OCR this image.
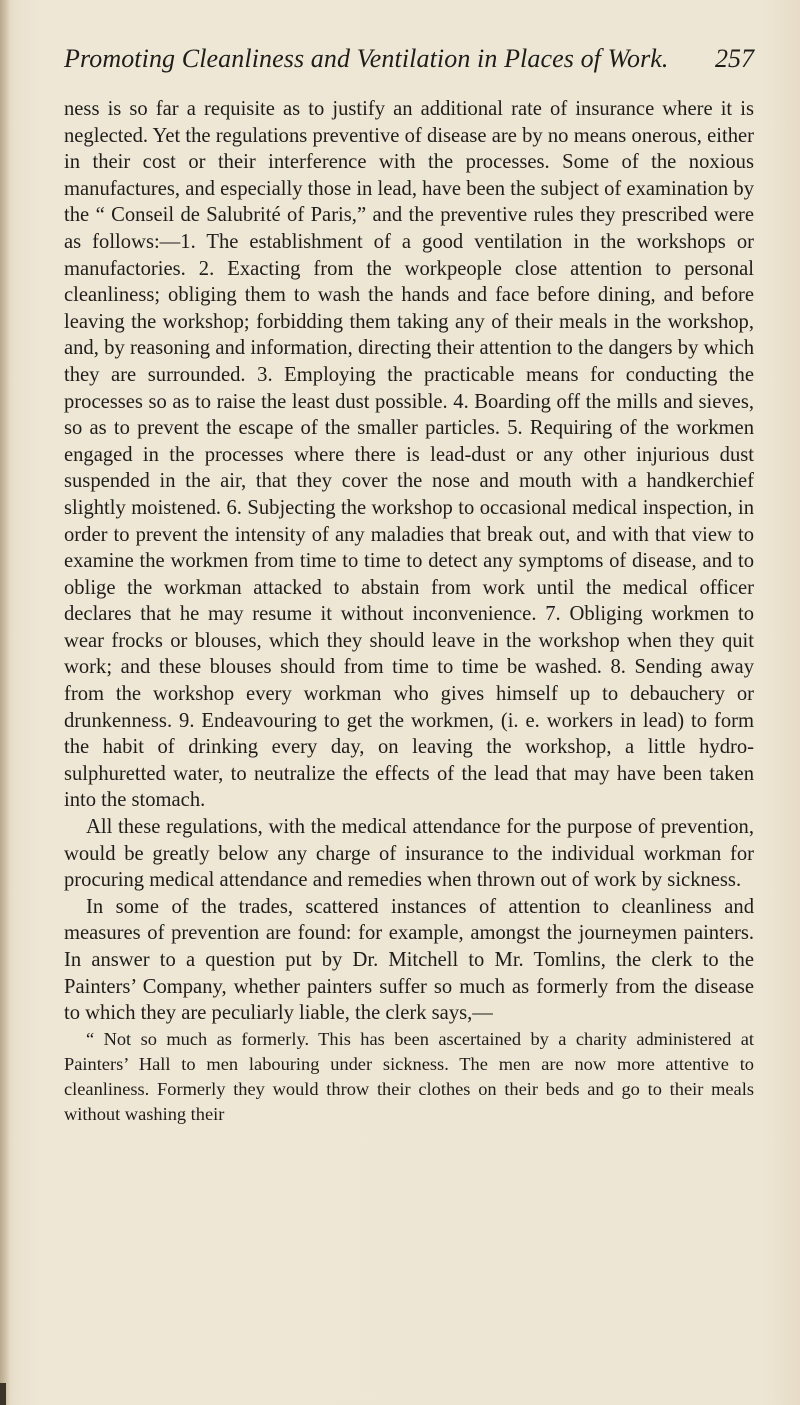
Promoting Cleanliness and Ventilation in Places of Work. 257

ness is so far a requisite as to justify an additional rate of insurance where it is neglected. Yet the regulations preventive of disease are by no means onerous, either in their cost or their interference with the processes. Some of the noxious manufactures, and especially those in lead, have been the subject of examination by the “ Conseil de Salubrité of Paris,” and the preventive rules they prescribed were as follows:—1. The establishment of a good ventilation in the workshops or manufactories. 2. Exacting from the workpeople close attention to personal cleanliness; obliging them to wash the hands and face before dining, and before leaving the workshop; forbidding them taking any of their meals in the workshop, and, by reasoning and information, directing their attention to the dangers by which they are surrounded. 3. Employing the practicable means for conducting the processes so as to raise the least dust possible. 4. Boarding off the mills and sieves, so as to prevent the escape of the smaller particles. 5. Requiring of the workmen engaged in the processes where there is lead-dust or any other injurious dust suspended in the air, that they cover the nose and mouth with a handkerchief slightly moistened. 6. Subjecting the workshop to occasional medical inspection, in order to prevent the intensity of any maladies that break out, and with that view to examine the workmen from time to time to detect any symptoms of disease, and to oblige the workman attacked to abstain from work until the medical officer declares that he may resume it without inconvenience. 7. Obliging workmen to wear frocks or blouses, which they should leave in the workshop when they quit work; and these blouses should from time to time be washed. 8. Sending away from the workshop every workman who gives himself up to debauchery or drunkenness. 9. Endeavouring to get the workmen, (i. e. workers in lead) to form the habit of drinking every day, on leaving the workshop, a little hydro-sulphuretted water, to neutralize the effects of the lead that may have been taken into the stomach.

All these regulations, with the medical attendance for the purpose of prevention, would be greatly below any charge of insurance to the individual workman for procuring medical attendance and remedies when thrown out of work by sickness.

In some of the trades, scattered instances of attention to cleanliness and measures of prevention are found: for example, amongst the journeymen painters. In answer to a question put by Dr. Mitchell to Mr. Tomlins, the clerk to the Painters’ Company, whether painters suffer so much as formerly from the disease to which they are peculiarly liable, the clerk says,—

“ Not so much as formerly. This has been ascertained by a charity administered at Painters’ Hall to men labouring under sickness. The men are now more attentive to cleanliness. Formerly they would throw their clothes on their beds and go to their meals without washing their
